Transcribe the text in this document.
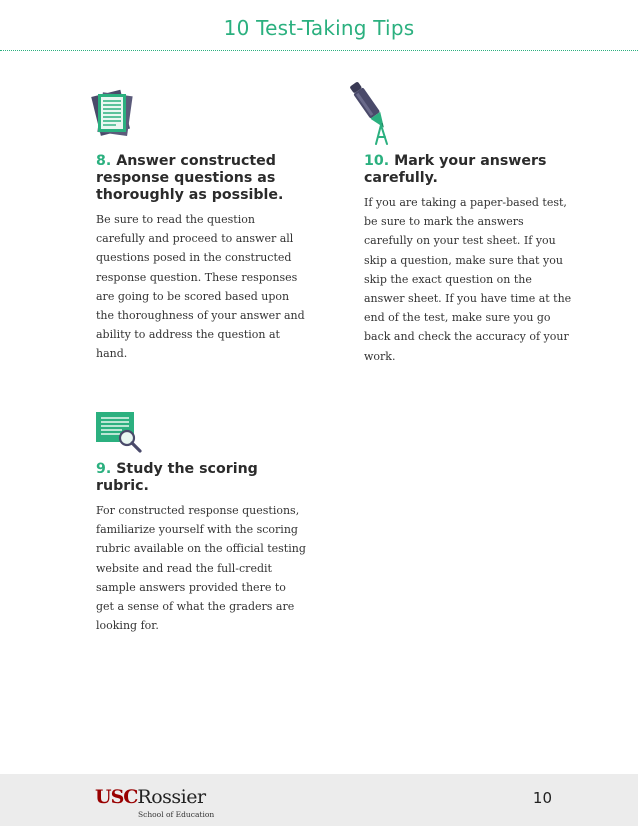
10 Test-Taking Tips
8. Answer constructed response questions as thoroughly as possible.

Be sure to read the question carefully and proceed to answer all questions posed in the constructed response question. These responses are going to be scored based upon the thoroughness of your answer and ability to address the question at hand.

10. Mark your answers carefully.

If you are taking a paper-based test, be sure to mark the answers carefully on your test sheet. If you skip a question, make sure that you skip the exact question on the answer sheet. If you have time at the end of the test, make sure you go back and check the accuracy of your work.

9. Study the scoring rubric.

For constructed response questions, familiarize yourself with the scoring rubric available on the official testing website and read the full-credit sample answers provided there to get a sense of what the graders are looking for.

USCRossier
School of Education
10
